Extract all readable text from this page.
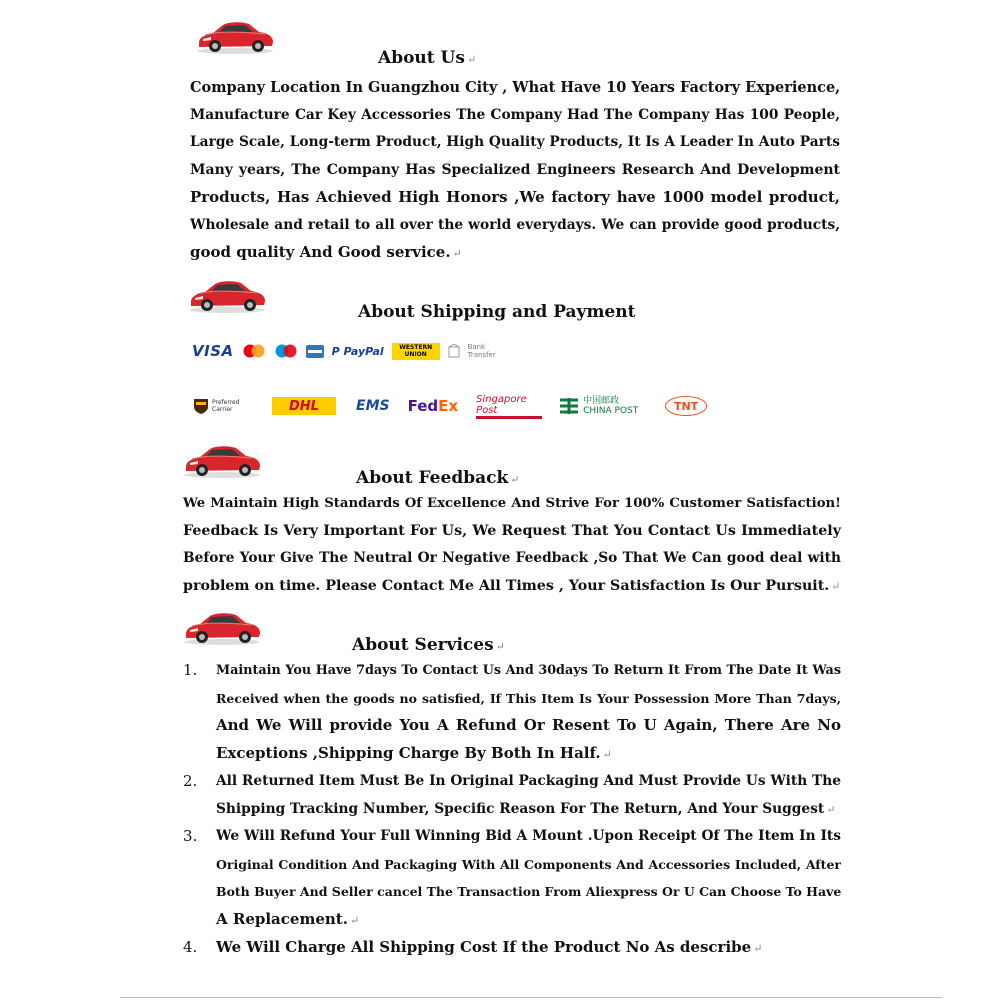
About Us ↵
Company Location In Guangzhou City , What Have 10 Years Factory Experience,
Manufacture Car Key Accessories The Company Had The Company Has 100 People,
Large Scale, Long-term Product, High Quality Products, It Is A Leader In Auto Parts
Many years, The Company Has Specialized Engineers Research And Development
Products, Has Achieved High Honors ,We factory have 1000 model product,
Wholesale and retail to all over the world everydays. We can provide good products,
good quality And Good service. ↵
About Shipping and Payment
VISA	P PayPal	WESTERN UNION
Bank Transfer
Preferred Carrier	DHL	EMS Fed Ex Singapore Post
中国邮政 CHINA POST	TNT
About Feedback ↵
We Maintain High Standards Of Excellence And Strive For 100% Customer Satisfaction!
Feedback Is Very Important For Us, We Request That You Contact Us Immediately
Before Your Give The Neutral Or Negative Feedback ,So That We Can good deal with
problem on time. Please Contact Me All Times , Your Satisfaction Is Our Pursuit. ↵
About Services ↵
1. Maintain You Have 7days To Contact Us And 30days To Return It From The Date It Was
Received when the goods no satisfied, If This Item Is Your Possession More Than 7days,
And We Will provide You A Refund Or Resent To U Again, There Are No
Exceptions ,Shipping Charge By Both In Half. ↵
2. All Returned Item Must Be In Original Packaging And Must Provide Us With The
Shipping Tracking Number, Specific Reason For The Return, And Your Suggest ↵
3. We Will Refund Your Full Winning Bid A Mount .Upon Receipt Of The Item In Its
Original Condition And Packaging With All Components And Accessories Included, After
Both Buyer And Seller cancel The Transaction From Aliexpress Or U Can Choose To Have
A Replacement. ↵
4. We Will Charge All Shipping Cost If the Product No As describe ↵
